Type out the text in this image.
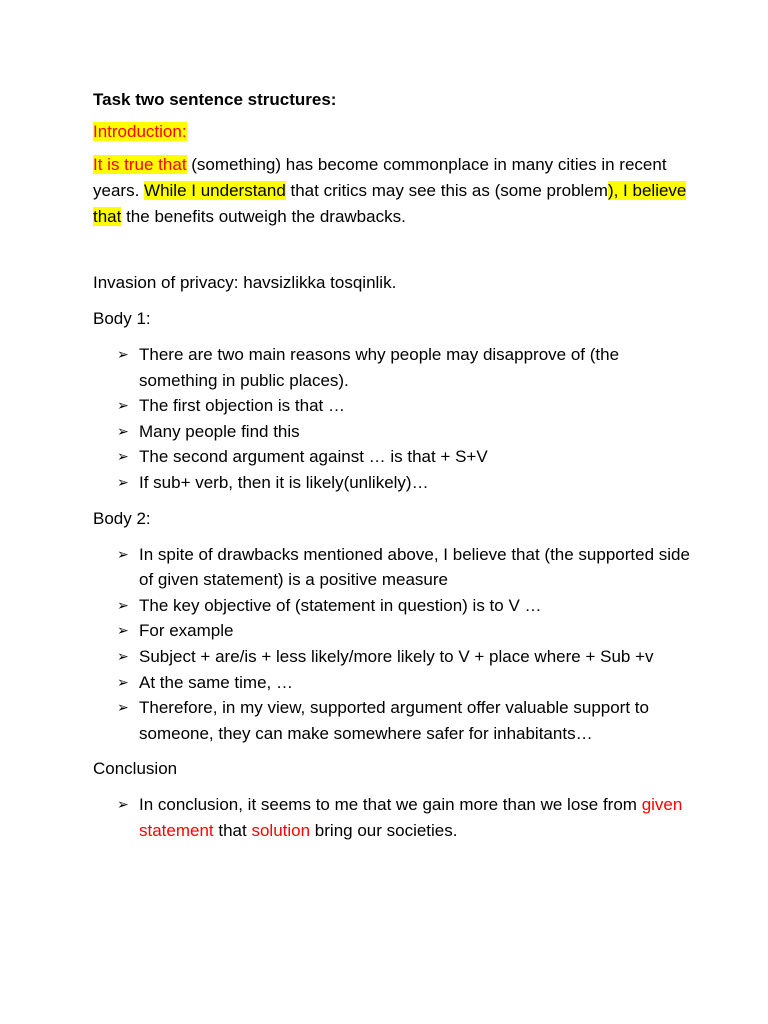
Task two sentence structures:
Introduction:

It is true that (something) has become commonplace in many cities in recent years. While I understand that critics may see this as (some problem), I believe that the benefits outweigh the drawbacks.

Invasion of privacy: havsizlikka tosqinlik.

Body 1:

➢ There are two main reasons why people may disapprove of (the something in public places).
➢ The first objection is that …
➢ Many people find this
➢ The second argument against … is that + S+V
➢ If sub+ verb, then it is likely(unlikely)…

Body 2:

➢ In spite of drawbacks mentioned above, I believe that (the supported side of given statement) is a positive measure
➢ The key objective of (statement in question) is to V …
➢ For example
➢ Subject + are/is + less likely/more likely to V + place where + Sub +v
➢ At the same time, …
➢ Therefore, in my view, supported argument offer valuable support to someone, they can make somewhere safer for inhabitants…

Conclusion

➢ In conclusion, it seems to me that we gain more than we lose from given statement that solution bring our societies.
